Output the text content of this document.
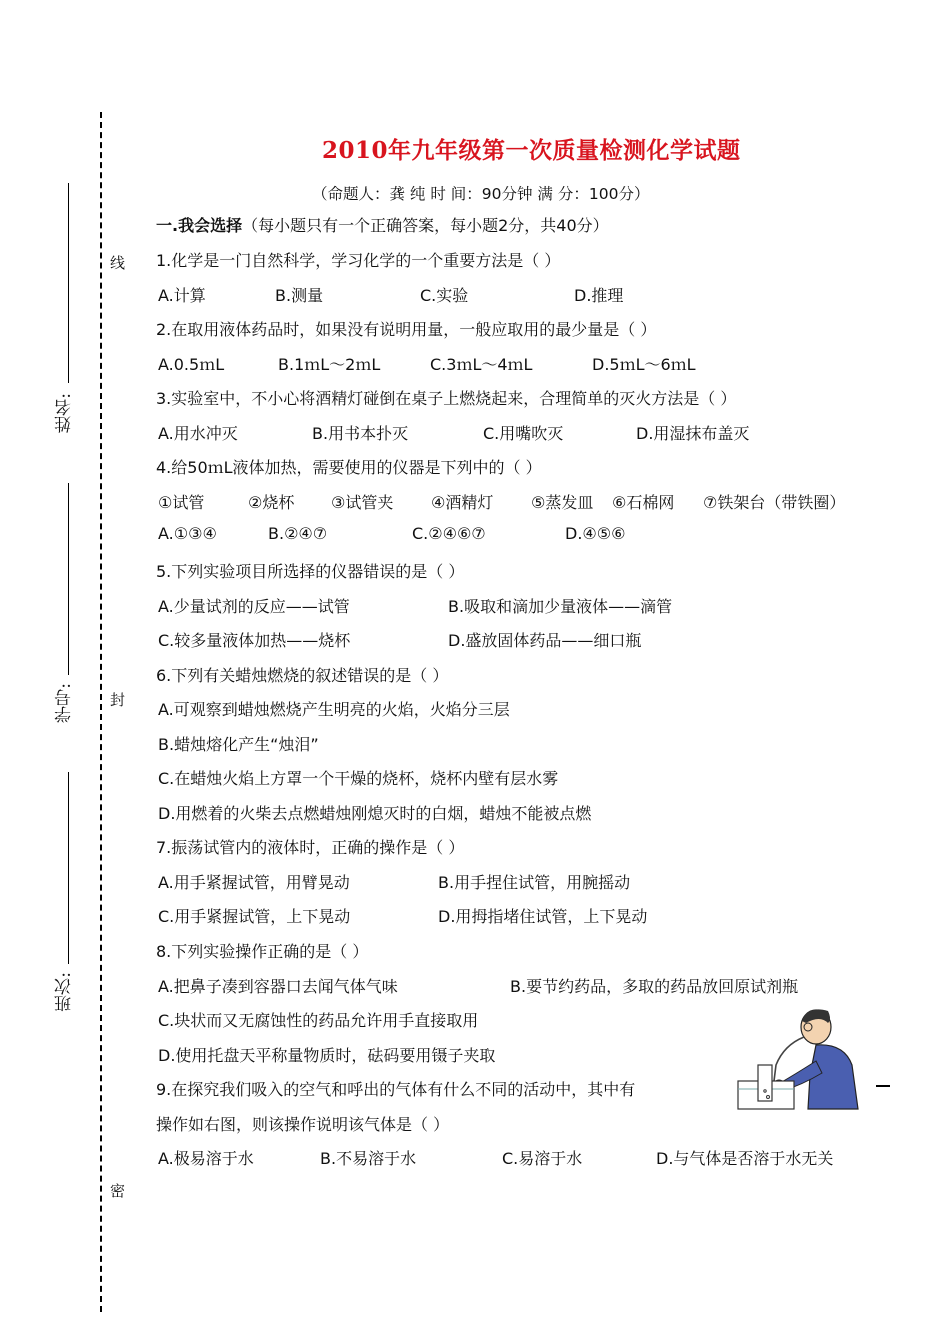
姓名:
学号:
班次:
线
封
密
2010年九年级第一次质量检测化学试题
（命题人：龚 纯 时 间：90分钟 满 分：100分）
一.我会选择（每小题只有一个正确答案，每小题2分，共40分）
1.化学是一门自然科学，学习化学的一个重要方法是（ ）
A.计算	B.测量	C.实验	D.推理
2.在取用液体药品时，如果没有说明用量，一般应取用的最少量是（ ）
A.0.5ｍL	B.1ｍL～2ｍL	C.3ｍL～4ｍL	D.5ｍL～6ｍL
3.实验室中，不小心将酒精灯碰倒在桌子上燃烧起来，合理简单的灭火方法是（ ）
A.用水冲灭	B.用书本扑灭	C.用嘴吹灭	D.用湿抹布盖灭
4.给50ｍL液体加热，需要使用的仪器是下列中的（ ）
①试管	②烧杯 ③试管夹 ④酒精灯 ⑤蒸发皿 ⑥石棉网 ⑦铁架台（带铁圈）
A.①③④	B.②④⑦	C.②④⑥⑦	D.④⑤⑥
5.下列实验项目所选择的仪器错误的是（ ）
A.少量试剂的反应——试管	B.吸取和滴加少量液体——滴管
C.较多量液体加热——烧杯	D.盛放固体药品——细口瓶
6.下列有关蜡烛燃烧的叙述错误的是（ ）
A.可观察到蜡烛燃烧产生明亮的火焰，火焰分三层
B.蜡烛熔化产生“烛泪”
C.在蜡烛火焰上方罩一个干燥的烧杯，烧杯内壁有层水雾
D.用燃着的火柴去点燃蜡烛刚熄灭时的白烟，蜡烛不能被点燃
7.振荡试管内的液体时，正确的操作是（ ）
A.用手紧握试管，用臂晃动	B.用手捏住试管，用腕摇动
C.用手紧握试管，上下晃动	D.用拇指堵住试管，上下晃动
8.下列实验操作正确的是（ ）
A.把鼻子凑到容器口去闻气体气味	B.要节约药品，多取的药品放回原试剂瓶
C.块状而又无腐蚀性的药品允许用手直接取用
D.使用托盘天平称量物质时，砝码要用镊子夹取
9.在探究我们吸入的空气和呼出的气体有什么不同的活动中，其中有
操作如右图，则该操作说明该气体是（ ）
A.极易溶于水	B.不易溶于水	C.易溶于水	D.与气体是否溶于水无关
